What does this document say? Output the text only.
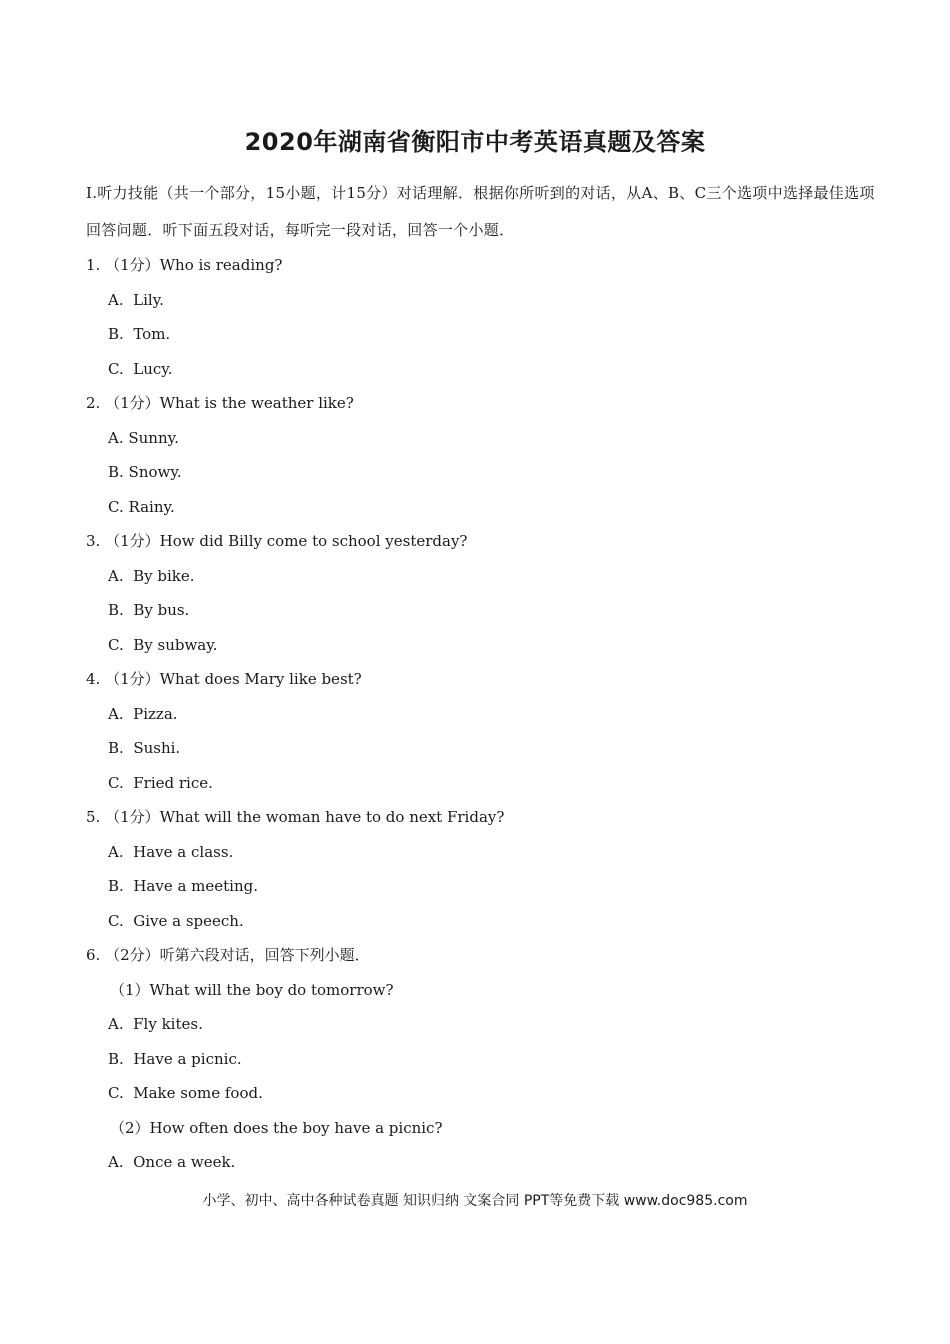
2020年湖南省衡阳市中考英语真题及答案
I.听力技能（共一个部分，15小题，计15分）对话理解．根据你所听到的对话，从A、B、C三个选项中选择最佳选项回答问题．听下面五段对话，每听完一段对话，回答一个小题．
1. （1分）Who is reading?
A.  Lily.
B.  Tom.
C.  Lucy.
2. （1分）What is the weather like?
A. Sunny.
B. Snowy.
C. Rainy.
3. （1分）How did Billy come to school yesterday?
A.  By bike.
B.  By bus.
C.  By subway.
4. （1分）What does Mary like best?
A.  Pizza.
B.  Sushi.
C.  Fried rice.
5. （1分）What will the woman have to do next Friday?
A.  Have a class.
B.  Have a meeting.
C.  Give a speech.
6. （2分）听第六段对话，回答下列小题．
（1）What will the boy do tomorrow?
A.  Fly kites.
B.  Have a picnic.
C.  Make some food.
（2）How often does the boy have a picnic?
A.  Once a week.
小学、初中、高中各种试卷真题 知识归纳 文案合同 PPT等免费下载 www.doc985.com
